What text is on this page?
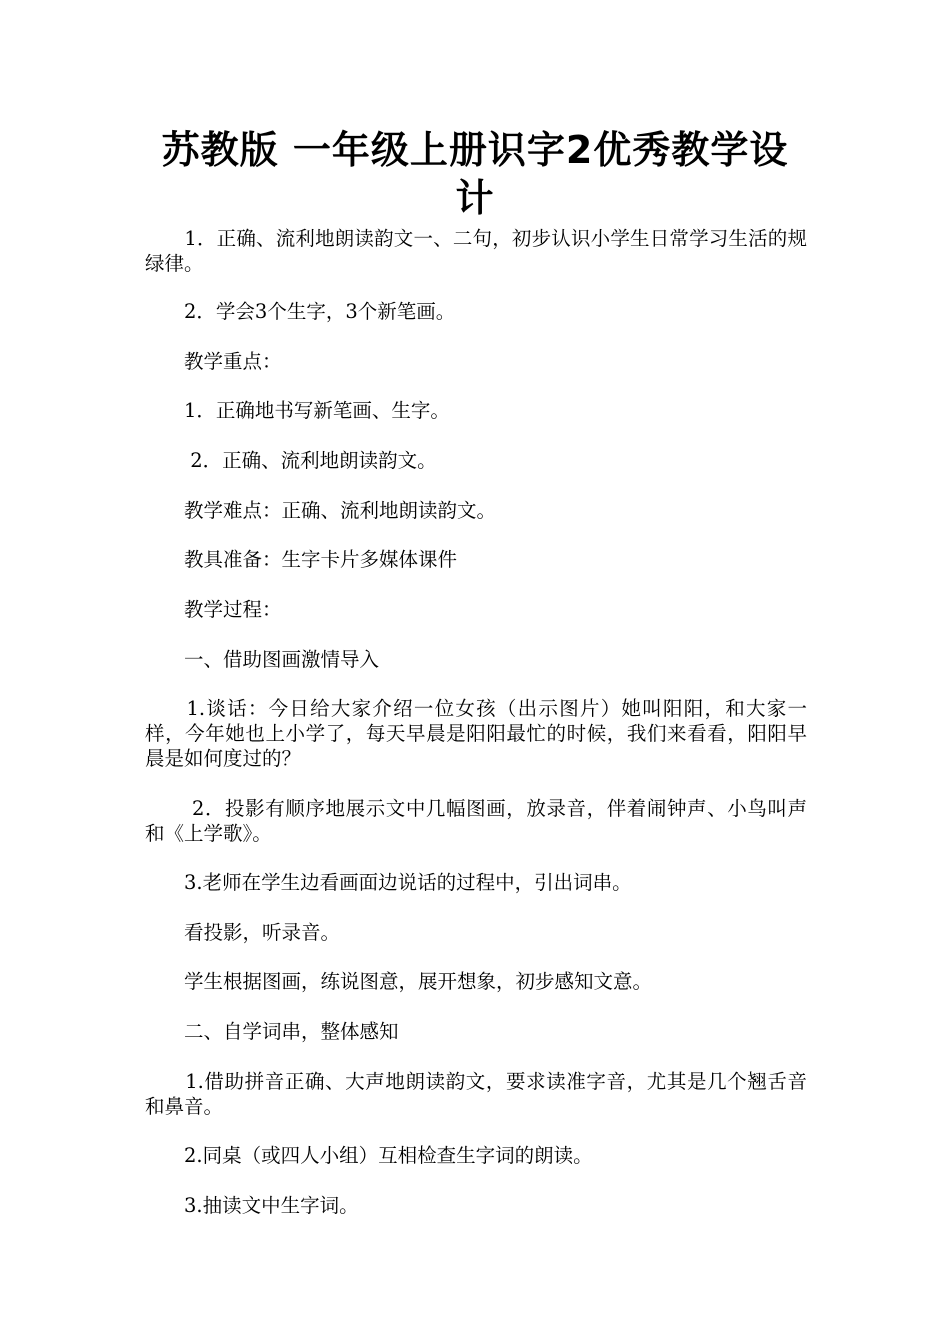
苏教版 一年级上册识字2优秀教学设计
　　1．正确、流利地朗读韵文一、二句，初步认识小学生日常学习生活的规绿律。
　　2．学会3个生字，3个新笔画。
　　教学重点：
　　1．正确地书写新笔画、生字。
　　 2．正确、流利地朗读韵文。
　　教学难点：正确、流利地朗读韵文。
　　教具准备：生字卡片多媒体课件
　　教学过程：
　　一、借助图画激情导入
　　1.谈话：今日给大家介绍一位女孩（出示图片）她叫阳阳，和大家一样，今年她也上小学了，每天早晨是阳阳最忙的时候，我们来看看，阳阳早晨是如何度过的？
　　 2．投影有顺序地展示文中几幅图画，放录音，伴着闹钟声、小鸟叫声和《上学歌》。
　　3.老师在学生边看画面边说话的过程中，引出词串。
　　看投影，听录音。
　　学生根据图画，练说图意，展开想象，初步感知文意。
　　二、自学词串，整体感知
　　1.借助拼音正确、大声地朗读韵文，要求读准字音，尤其是几个翘舌音和鼻音。
　　2.同桌（或四人小组）互相检查生字词的朗读。
　　3.抽读文中生字词。
